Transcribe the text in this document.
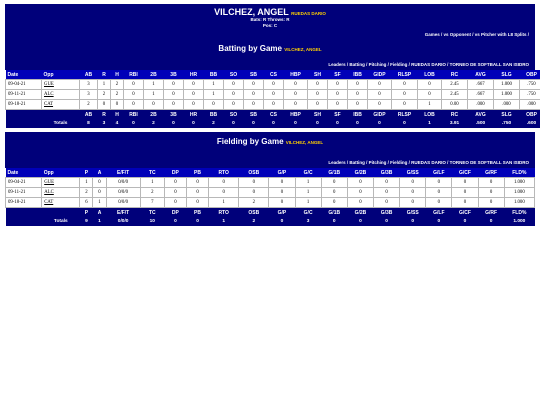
VILCHEZ, ANGEL RUEDAS DARIO
Bats: R Throws: R
Pos: C
Games / vs Opponent / vs Pitcher with L8 Splits /
Batting by Game VILCHEZ, ANGEL
Leaders / Batting / Pitching / Fielding / RUEDAS DARIO / TORNEO DE SOFTBALL SAN ISIDRO
Date	Opp	AB	R	H	RBI	2B	3B	HR	BB	SO	SB	CS	HBP	SH	SF	IBB	GIDP	RLSP	LOB	RC	AVG	SLG	OBP
09-04-21	GUE	3	1	2	0	1	0	0	1	0	0	0	0	0	0	0	0	0	0	2.45	.667	1.000	.750
09-11-21	ALC	3	2	2	0	1	0	0	1	0	0	0	0	0	0	0	0	0	0	2.45	.667	1.000	.750
09-18-21	CAT	2	0	0	0	0	0	0	0	0	0	0	0	0	0	0	0	0	1	0.00	.000	.000	.000
		AB	R	H	RBI	2B	3B	HR	BB	SO	SB	CS	HBP	SH	SF	IBB	GIDP	RLSP	LOB	RC	AVG	SLG	OBP
	Totals	8	3	4	0	2	0	0	2	0	0	0	0	0	0	0	0	0	1	3.91	.500	.750	.600
Fielding by Game VILCHEZ, ANGEL
Leaders / Batting / Pitching / Fielding / RUEDAS DARIO / TORNEO DE SOFTBALL SAN ISIDRO
Date	Opp	P	A	E/F/T	TC	DP	PB	RTO	OSB	G/P	G/C	G/1B	G/2B	G/3B	G/SS	G/LF	G/CF	G/RF	FLD%
09-04-21	GUE	1	0	0/0/0	1	0	0	0	0	0	1	0	0	0	0	0	0	0	1.000
09-11-21	ALC	2	0	0/0/0	2	0	0	0	0	0	1	0	0	0	0	0	0	0	1.000
09-18-21	CAT	6	1	0/0/0	7	0	0	1	2	0	1	0	0	0	0	0	0	0	1.000
		P	A	E/F/T	TC	DP	PB	RTO	OSB	G/P	G/C	G/1B	G/2B	G/3B	G/SS	G/LF	G/CF	G/RF	FLD%
	Totals	9	1	0/0/0	10	0	0	1	2	0	3	0	0	0	0	0	0	0	1.000
